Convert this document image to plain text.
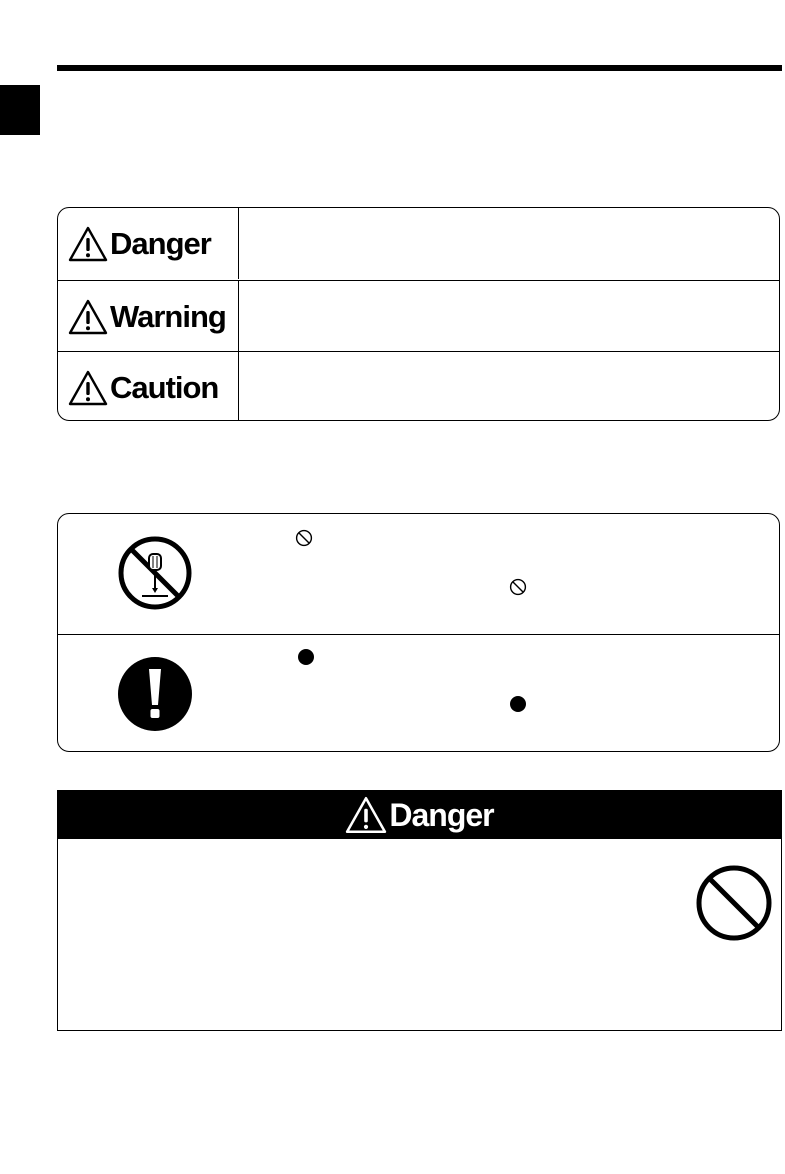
Danger
Warning
Caution
Danger
